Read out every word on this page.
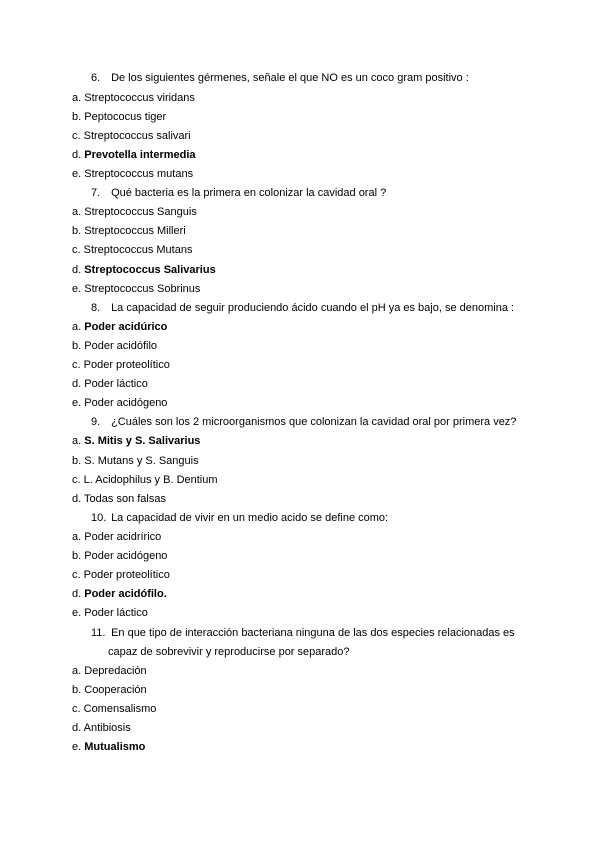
6. De los siguientes gérmenes, señale el que NO es un coco gram positivo :
a. Streptococcus viridans
b. Peptococus tiger
c. Streptococcus salivari
d. Prevotella intermedia
e. Streptococcus mutans
7. Qué bacteria es la primera en colonizar la cavidad oral ?
a. Streptococcus Sanguis
b. Streptococcus Milleri
c. Streptococcus Mutans
d. Streptococcus Salivarius
e. Streptococcus Sobrinus
8. La capacidad de seguir produciendo ácido cuando el pH ya es bajo, se denomina :
a. Poder acidúrico
b. Poder acidófilo
c. Poder proteolítico
d. Poder láctico
e. Poder acidógeno
9. ¿Cuáles son los 2 microorganismos que colonizan la cavidad oral por primera vez?
a. S. Mitis y S. Salivarius
b. S. Mutans y S. Sanguis
c. L. Acidophilus y B. Dentium
d. Todas son falsas
10. La capacidad de vivir en un medio acido se define como:
a. Poder acidrírico
b. Poder acidógeno
c. Poder proteolítico
d. Poder acidófilo.
e. Poder láctico
11. En que tipo de interacción bacteriana ninguna de las dos especies relacionadas es
capaz de sobrevivir y reproducirse por separado?
a. Depredación
b. Cooperación
c. Comensalismo
d. Antibiosis
e. Mutualismo
